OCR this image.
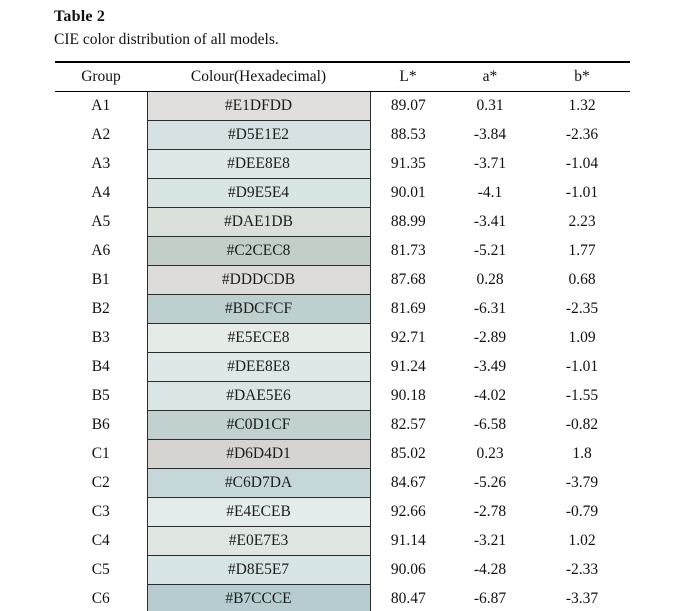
Table 2
CIE color distribution of all models.
Group	Colour(Hexadecimal)	L*	a*	b*
A1	#E1DFDD	89.07	0.31	1.32
A2	#D5E1E2	88.53	-3.84	-2.36
A3	#DEE8E8	91.35	-3.71	-1.04
A4	#D9E5E4	90.01	-4.1	-1.01
A5	#DAE1DB	88.99	-3.41	2.23
A6	#C2CEC8	81.73	-5.21	1.77
B1	#DDDCDB	87.68	0.28	0.68
B2	#BDCFCF	81.69	-6.31	-2.35
B3	#E5ECE8	92.71	-2.89	1.09
B4	#DEE8E8	91.24	-3.49	-1.01
B5	#DAE5E6	90.18	-4.02	-1.55
B6	#C0D1CF	82.57	-6.58	-0.82
C1	#D6D4D1	85.02	0.23	1.8
C2	#C6D7DA	84.67	-5.26	-3.79
C3	#E4ECEB	92.66	-2.78	-0.79
C4	#E0E7E3	91.14	-3.21	1.02
C5	#D8E5E7	90.06	-4.28	-2.33
C6	#B7CCCE	80.47	-6.87	-3.37
